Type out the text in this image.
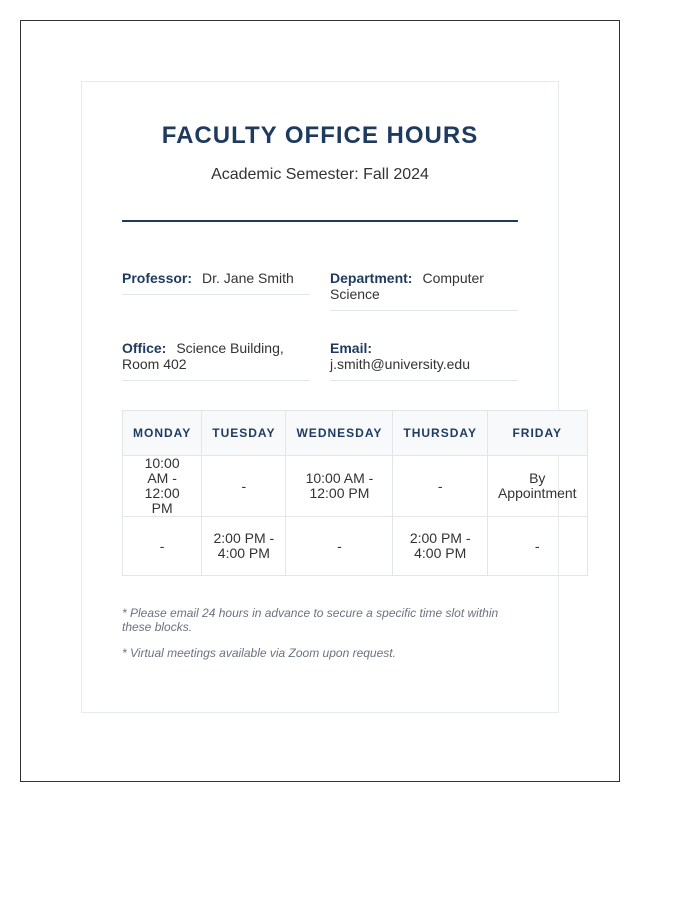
FACULTY OFFICE HOURS
Academic Semester: Fall 2024
Professor: Dr. Jane Smith	Department: Computer Science
Office: Science Building, Room 402
Email:
j.smith@university.edu
MONDAY	TUESDAY	WEDNESDAY	THURSDAY	FRIDAY
10:00 AM - 12:00 PM	-	10:00 AM - 12:00 PM	-	By Appointment
-	2:00 PM - 4:00 PM	-	2:00 PM - 4:00 PM	-
* Please email 24 hours in advance to secure a specific time slot within these blocks.
* Virtual meetings available via Zoom upon request.
